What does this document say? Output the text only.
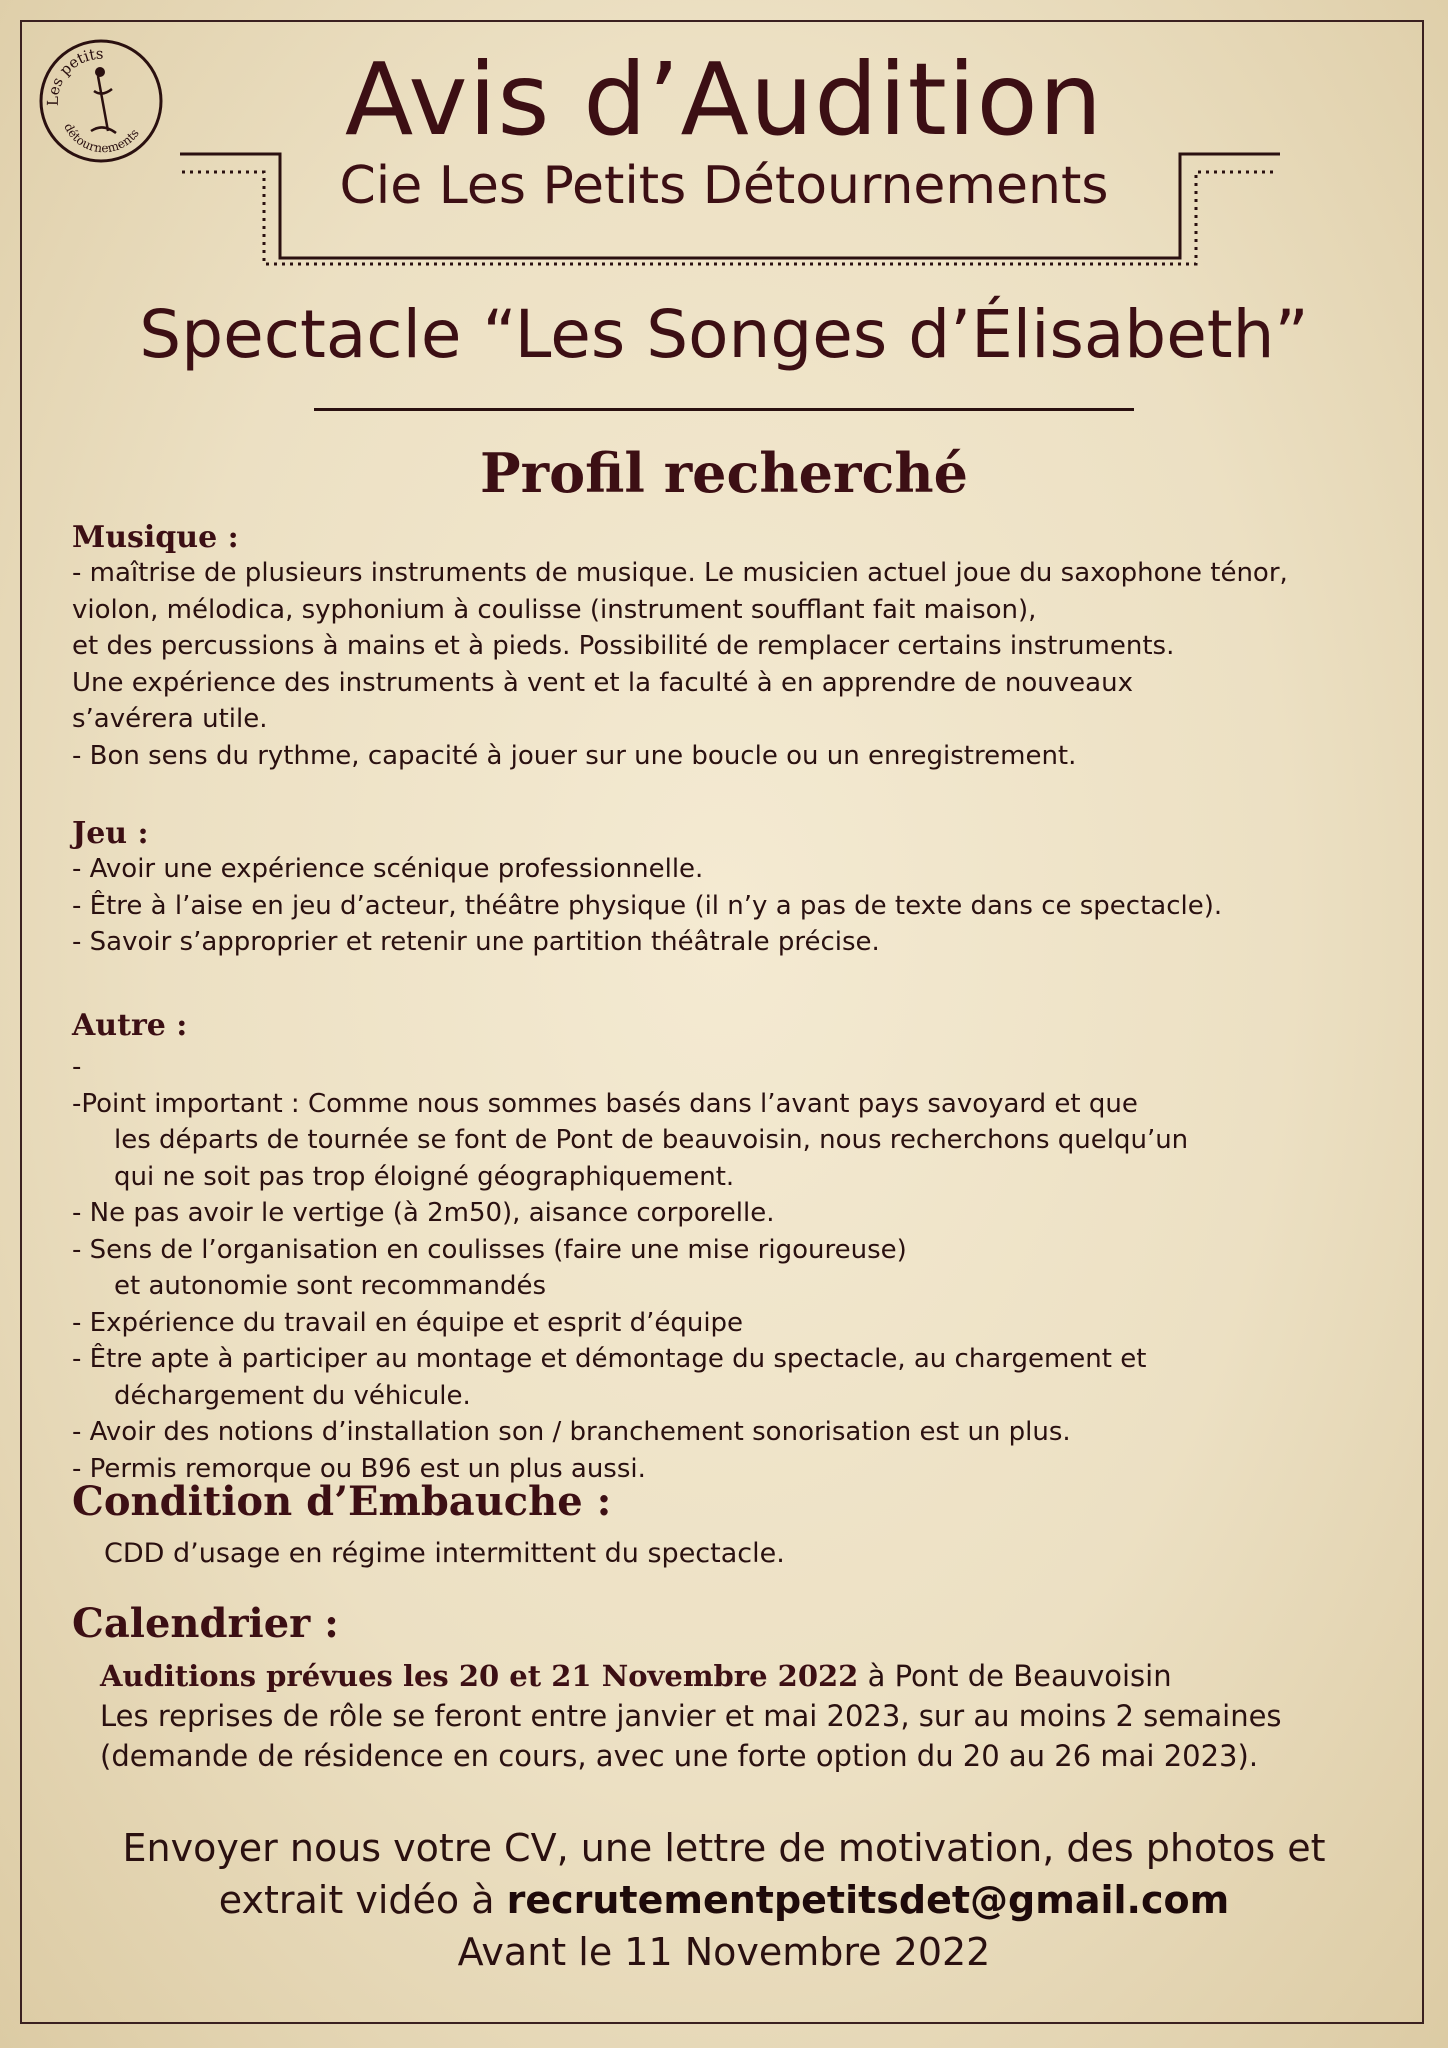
Les petits
détournements	Avis d’Audition
Cie Les Petits Détournements
Spectacle “Les Songes d’Élisabeth”
Profil recherché
Musique :
- maîtrise de plusieurs instruments de musique. Le musicien actuel joue du saxophone ténor,
violon, mélodica, syphonium à coulisse (instrument soufflant fait maison),
et des percussions à mains et à pieds. Possibilité de remplacer certains instruments.
Une expérience des instruments à vent et la faculté à en apprendre de nouveaux
s’avérera utile.
- Bon sens du rythme, capacité à jouer sur une boucle ou un enregistrement.
Jeu :
- Avoir une expérience scénique professionnelle.
- Être à l’aise en jeu d’acteur, théâtre physique (il n’y a pas de texte dans ce spectacle).
- Savoir s’approprier et retenir une partition théâtrale précise.
Autre :
-
-Point important : Comme nous sommes basés dans l’avant pays savoyard et que
les départs de tournée se font de Pont de beauvoisin, nous recherchons quelqu’un
qui ne soit pas trop éloigné géographiquement.
- Ne pas avoir le vertige (à 2m50), aisance corporelle.
- Sens de l’organisation en coulisses (faire une mise rigoureuse)
et autonomie sont recommandés
- Expérience du travail en équipe et esprit d’équipe
- Être apte à participer au montage et démontage du spectacle, au chargement et
déchargement du véhicule.
- Avoir des notions d’installation son / branchement sonorisation est un plus.
- Permis remorque ou B96 est un plus aussi.
Condition d’Embauche :
CDD d’usage en régime intermittent du spectacle.
Calendrier :
Auditions prévues les 20 et 21 Novembre 2022 à Pont de Beauvoisin
Les reprises de rôle se feront entre janvier et mai 2023, sur au moins 2 semaines
(demande de résidence en cours, avec une forte option du 20 au 26 mai 2023).
Envoyer nous votre CV, une lettre de motivation, des photos et
extrait vidéo à recrutementpetitsdet@gmail.com
Avant le 11 Novembre 2022
